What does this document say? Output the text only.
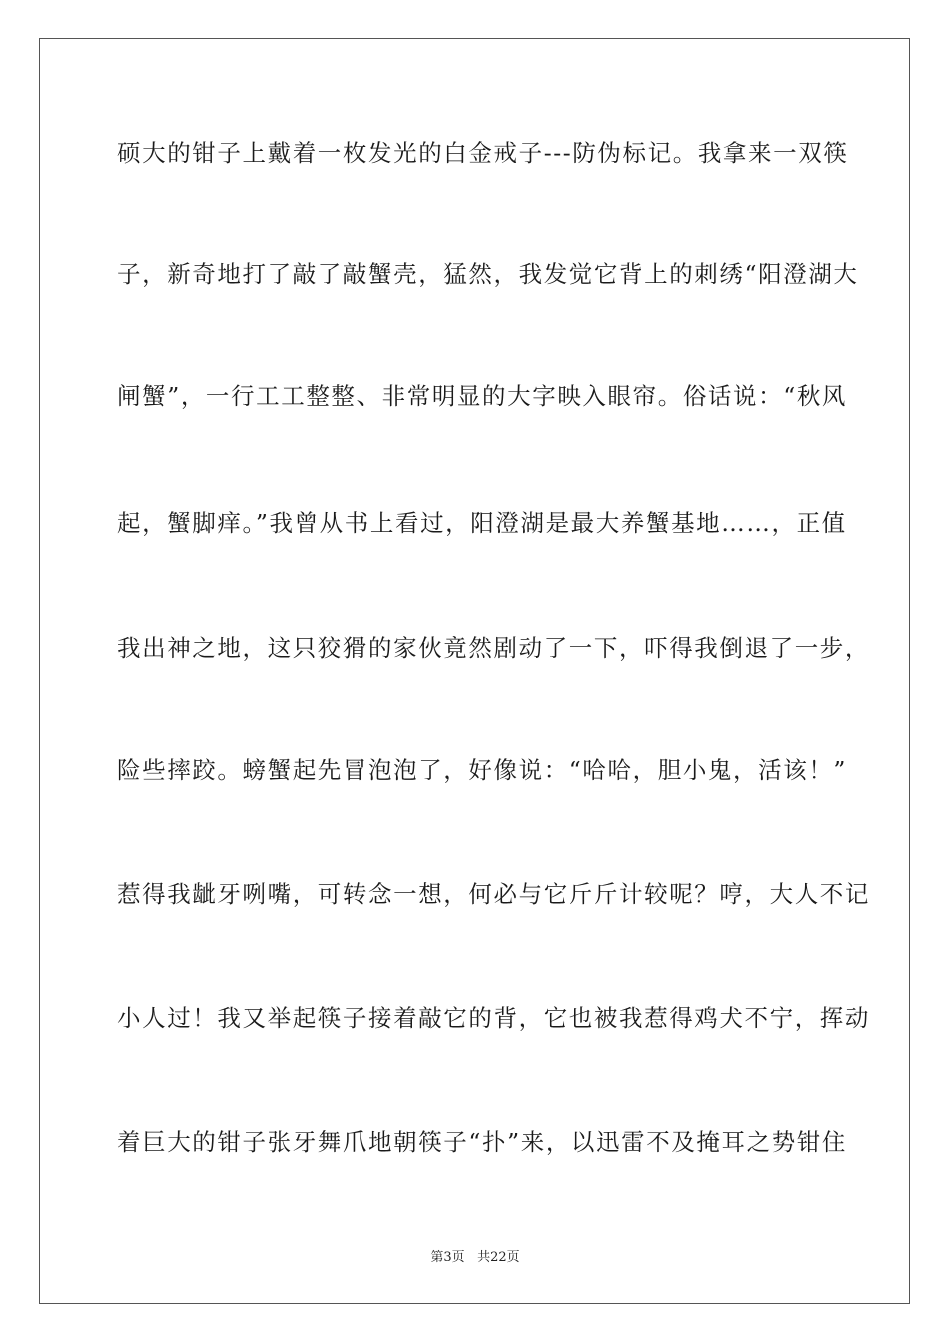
硕大的钳子上戴着一枚发光的白金戒子---防伪标记。我拿来一双筷
子，新奇地打了敲了敲蟹壳，猛然，我发觉它背上的刺绣“阳澄湖大
闸蟹”，一行工工整整、非常明显的大字映入眼帘。俗话说：“秋风
起，蟹脚痒。”我曾从书上看过，阳澄湖是最大养蟹基地……，正值
我出神之地，这只狡猾的家伙竟然剧动了一下，吓得我倒退了一步，
险些摔跤。螃蟹起先冒泡泡了，好像说：“哈哈，胆小鬼，活该！”
惹得我龇牙咧嘴，可转念一想，何必与它斤斤计较呢？哼，大人不记
小人过！我又举起筷子接着敲它的背，它也被我惹得鸡犬不宁，挥动
着巨大的钳子张牙舞爪地朝筷子“扑”来，以迅雷不及掩耳之势钳住
第3页 共22页
